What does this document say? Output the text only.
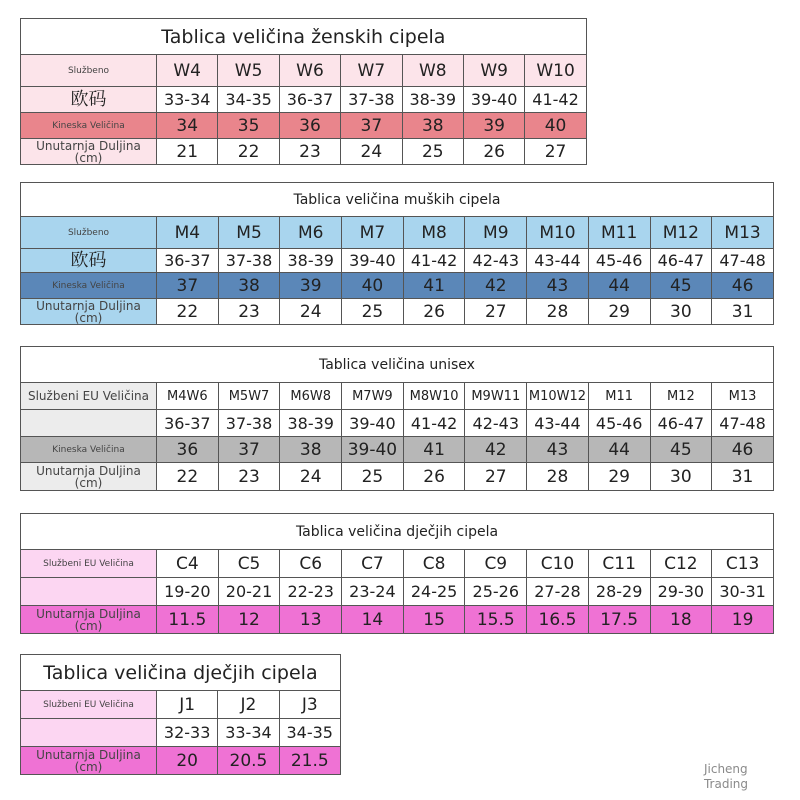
Tablica veličina ženskih cipela							
Službeno	W4	W5	W6	W7	W8	W9	W10
欧码	33-34	34-35	36-37	37-38	38-39	39-40	41-42
Kineska Veličina	34	35	36	37	38	39	40
Unutarnja Duljina (cm)	21	22	23	24	25	26	27
Tablica veličina muških cipela										
Službeno	M4	M5	M6	M7	M8	M9	M10	M11	M12	M13
欧码	36-37	37-38	38-39	39-40	41-42	42-43	43-44	45-46	46-47	47-48
Kineska Veličina	37	38	39	40	41	42	43	44	45	46
Unutarnja Duljina (cm)	22	23	24	25	26	27	28	29	30	31
Tablica veličina unisex										
Službeni EU Veličina	M4W6	M5W7	M6W8	M7W9	M8W10	M9W11	M10W12	M11	M12	M13
	36-37	37-38	38-39	39-40	41-42	42-43	43-44	45-46	46-47	47-48
Kineska Veličina	36	37	38	39-40	41	42	43	44	45	46
Unutarnja Duljina (cm)	22	23	24	25	26	27	28	29	30	31
Tablica veličina dječjih cipela										
Službeni EU Veličina	C4	C5	C6	C7	C8	C9	C10	C11	C12	C13
	19-20	20-21	22-23	23-24	24-25	25-26	27-28	28-29	29-30	30-31
Unutarnja Duljina (cm)	11.5	12	13	14	15	15.5	16.5	17.5	18	19
Tablica veličina dječjih cipela			
Službeni EU Veličina	J1	J2	J3
	32-33	33-34	34-35
Unutarnja Duljina (cm)	20	20.5	21.5	Jicheng
Trading
